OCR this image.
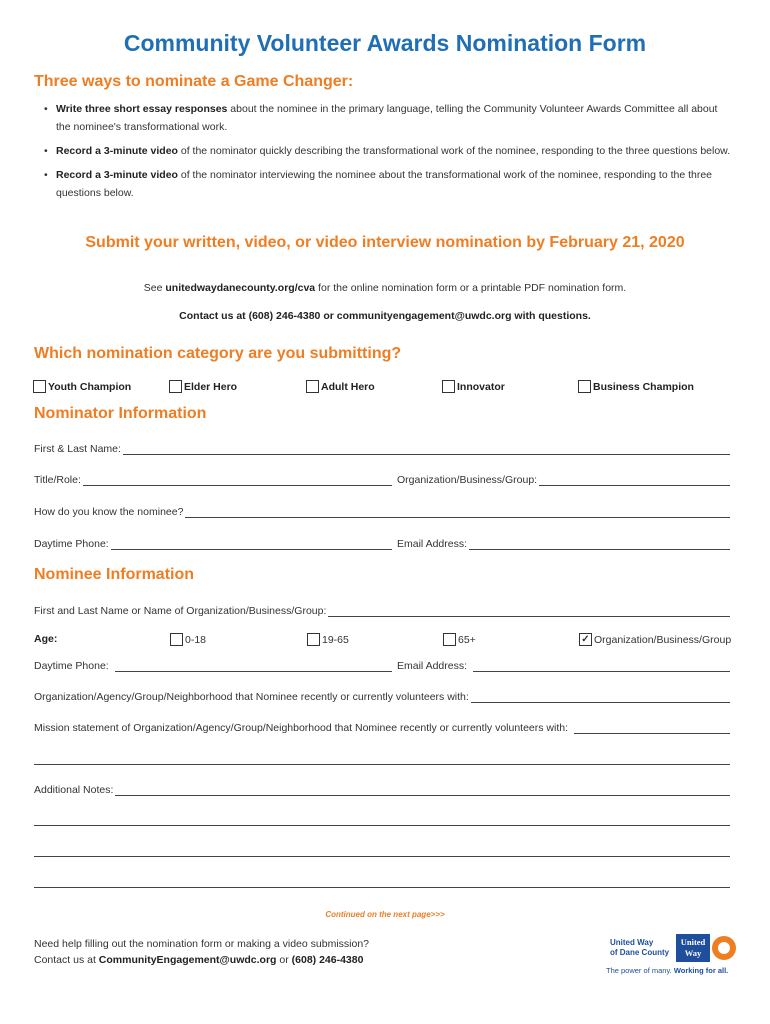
Community Volunteer Awards Nomination Form
Three ways to nominate a Game Changer:
• Write three short essay responses about the nominee in the primary language, telling the Community Volunteer Awards Committee all about the nominee's transformational work.
• Record a 3-minute video of the nominator quickly describing the transformational work of the nominee, responding to the three questions below.
• Record a 3-minute video of the nominator interviewing the nominee about the transformational work of the nominee, responding to the three questions below.
Submit your written, video, or video interview nomination by February 21, 2020
See unitedwaydanecounty.org/cva for the online nomination form or a printable PDF nomination form.
Contact us at (608) 246-4380 or communityengagement@uwdc.org with questions.
Which nomination category are you submitting?
Youth Champion	Elder Hero	Adult Hero	Innovator	Business Champion
Nominator Information
First & Last Name:
Title/Role:	Organization/Business/Group:
How do you know the nominee?
Daytime Phone:	Email Address:
Nominee Information
First and Last Name or Name of Organization/Business/Group:
Age:	0-18	19-65	65+	✓ Organization/Business/Group
Daytime Phone:	Email Address:
Organization/Agency/Group/Neighborhood that Nominee recently or currently volunteers with:
Mission statement of Organization/Agency/Group/Neighborhood that Nominee recently or currently volunteers with:
Additional Notes:
Continued on the next page>>>
Need help filling out the nomination form or making a video submission?
Contact us at CommunityEngagement@uwdc.org or (608) 246-4380
United Way
of Dane County
United
Way
The power of many. Working for all.
